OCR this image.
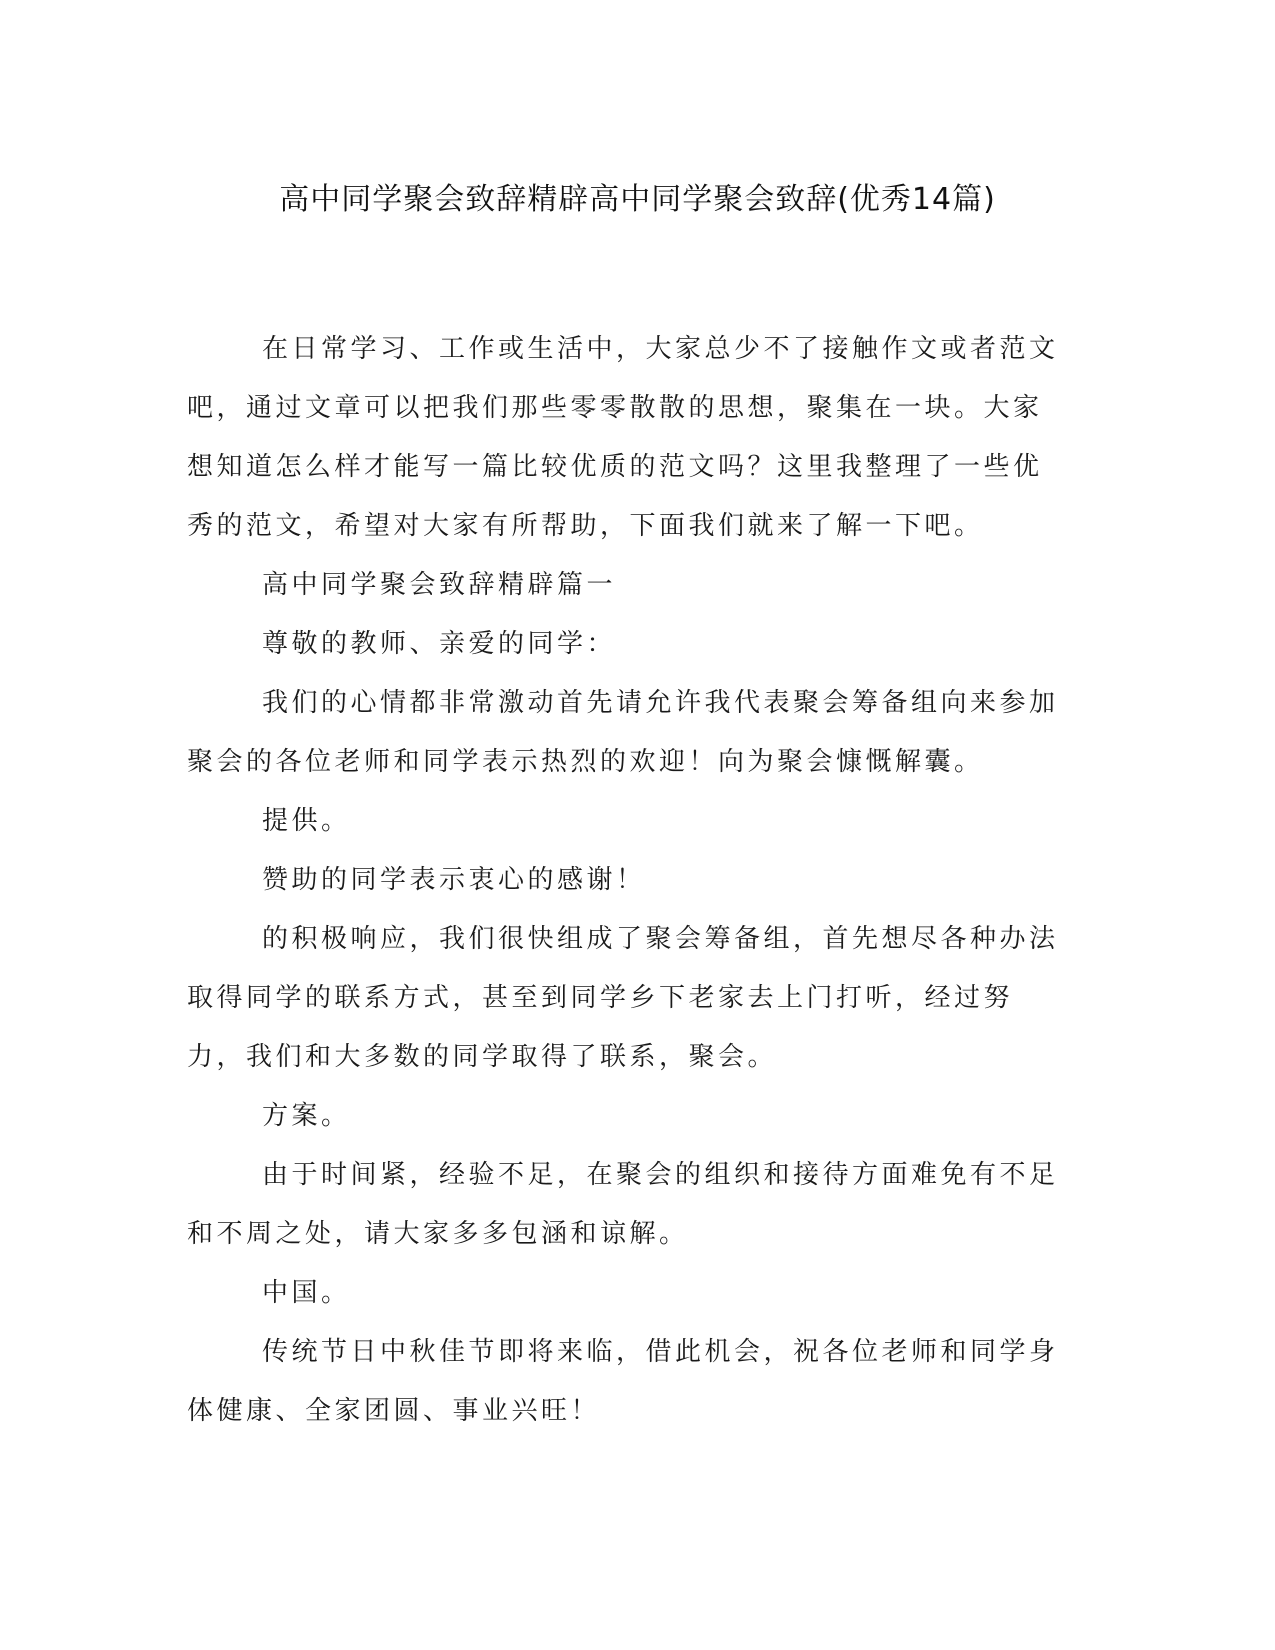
高中同学聚会致辞精辟高中同学聚会致辞(优秀14篇)

在日常学习、工作或生活中，大家总少不了接触作文或者范文吧，通过文章可以把我们那些零零散散的思想，聚集在一块。大家想知道怎么样才能写一篇比较优质的范文吗？这里我整理了一些优秀的范文，希望对大家有所帮助，下面我们就来了解一下吧。

高中同学聚会致辞精辟篇一

尊敬的教师、亲爱的同学：

我们的心情都非常激动首先请允许我代表聚会筹备组向来参加聚会的各位老师和同学表示热烈的欢迎！向为聚会慷慨解囊。

提供。

赞助的同学表示衷心的感谢！

的积极响应，我们很快组成了聚会筹备组，首先想尽各种办法取得同学的联系方式，甚至到同学乡下老家去上门打听，经过努力，我们和大多数的同学取得了联系，聚会。

方案。

由于时间紧，经验不足，在聚会的组织和接待方面难免有不足和不周之处，请大家多多包涵和谅解。

中国。

传统节日中秋佳节即将来临，借此机会，祝各位老师和同学身体健康、全家团圆、事业兴旺！
